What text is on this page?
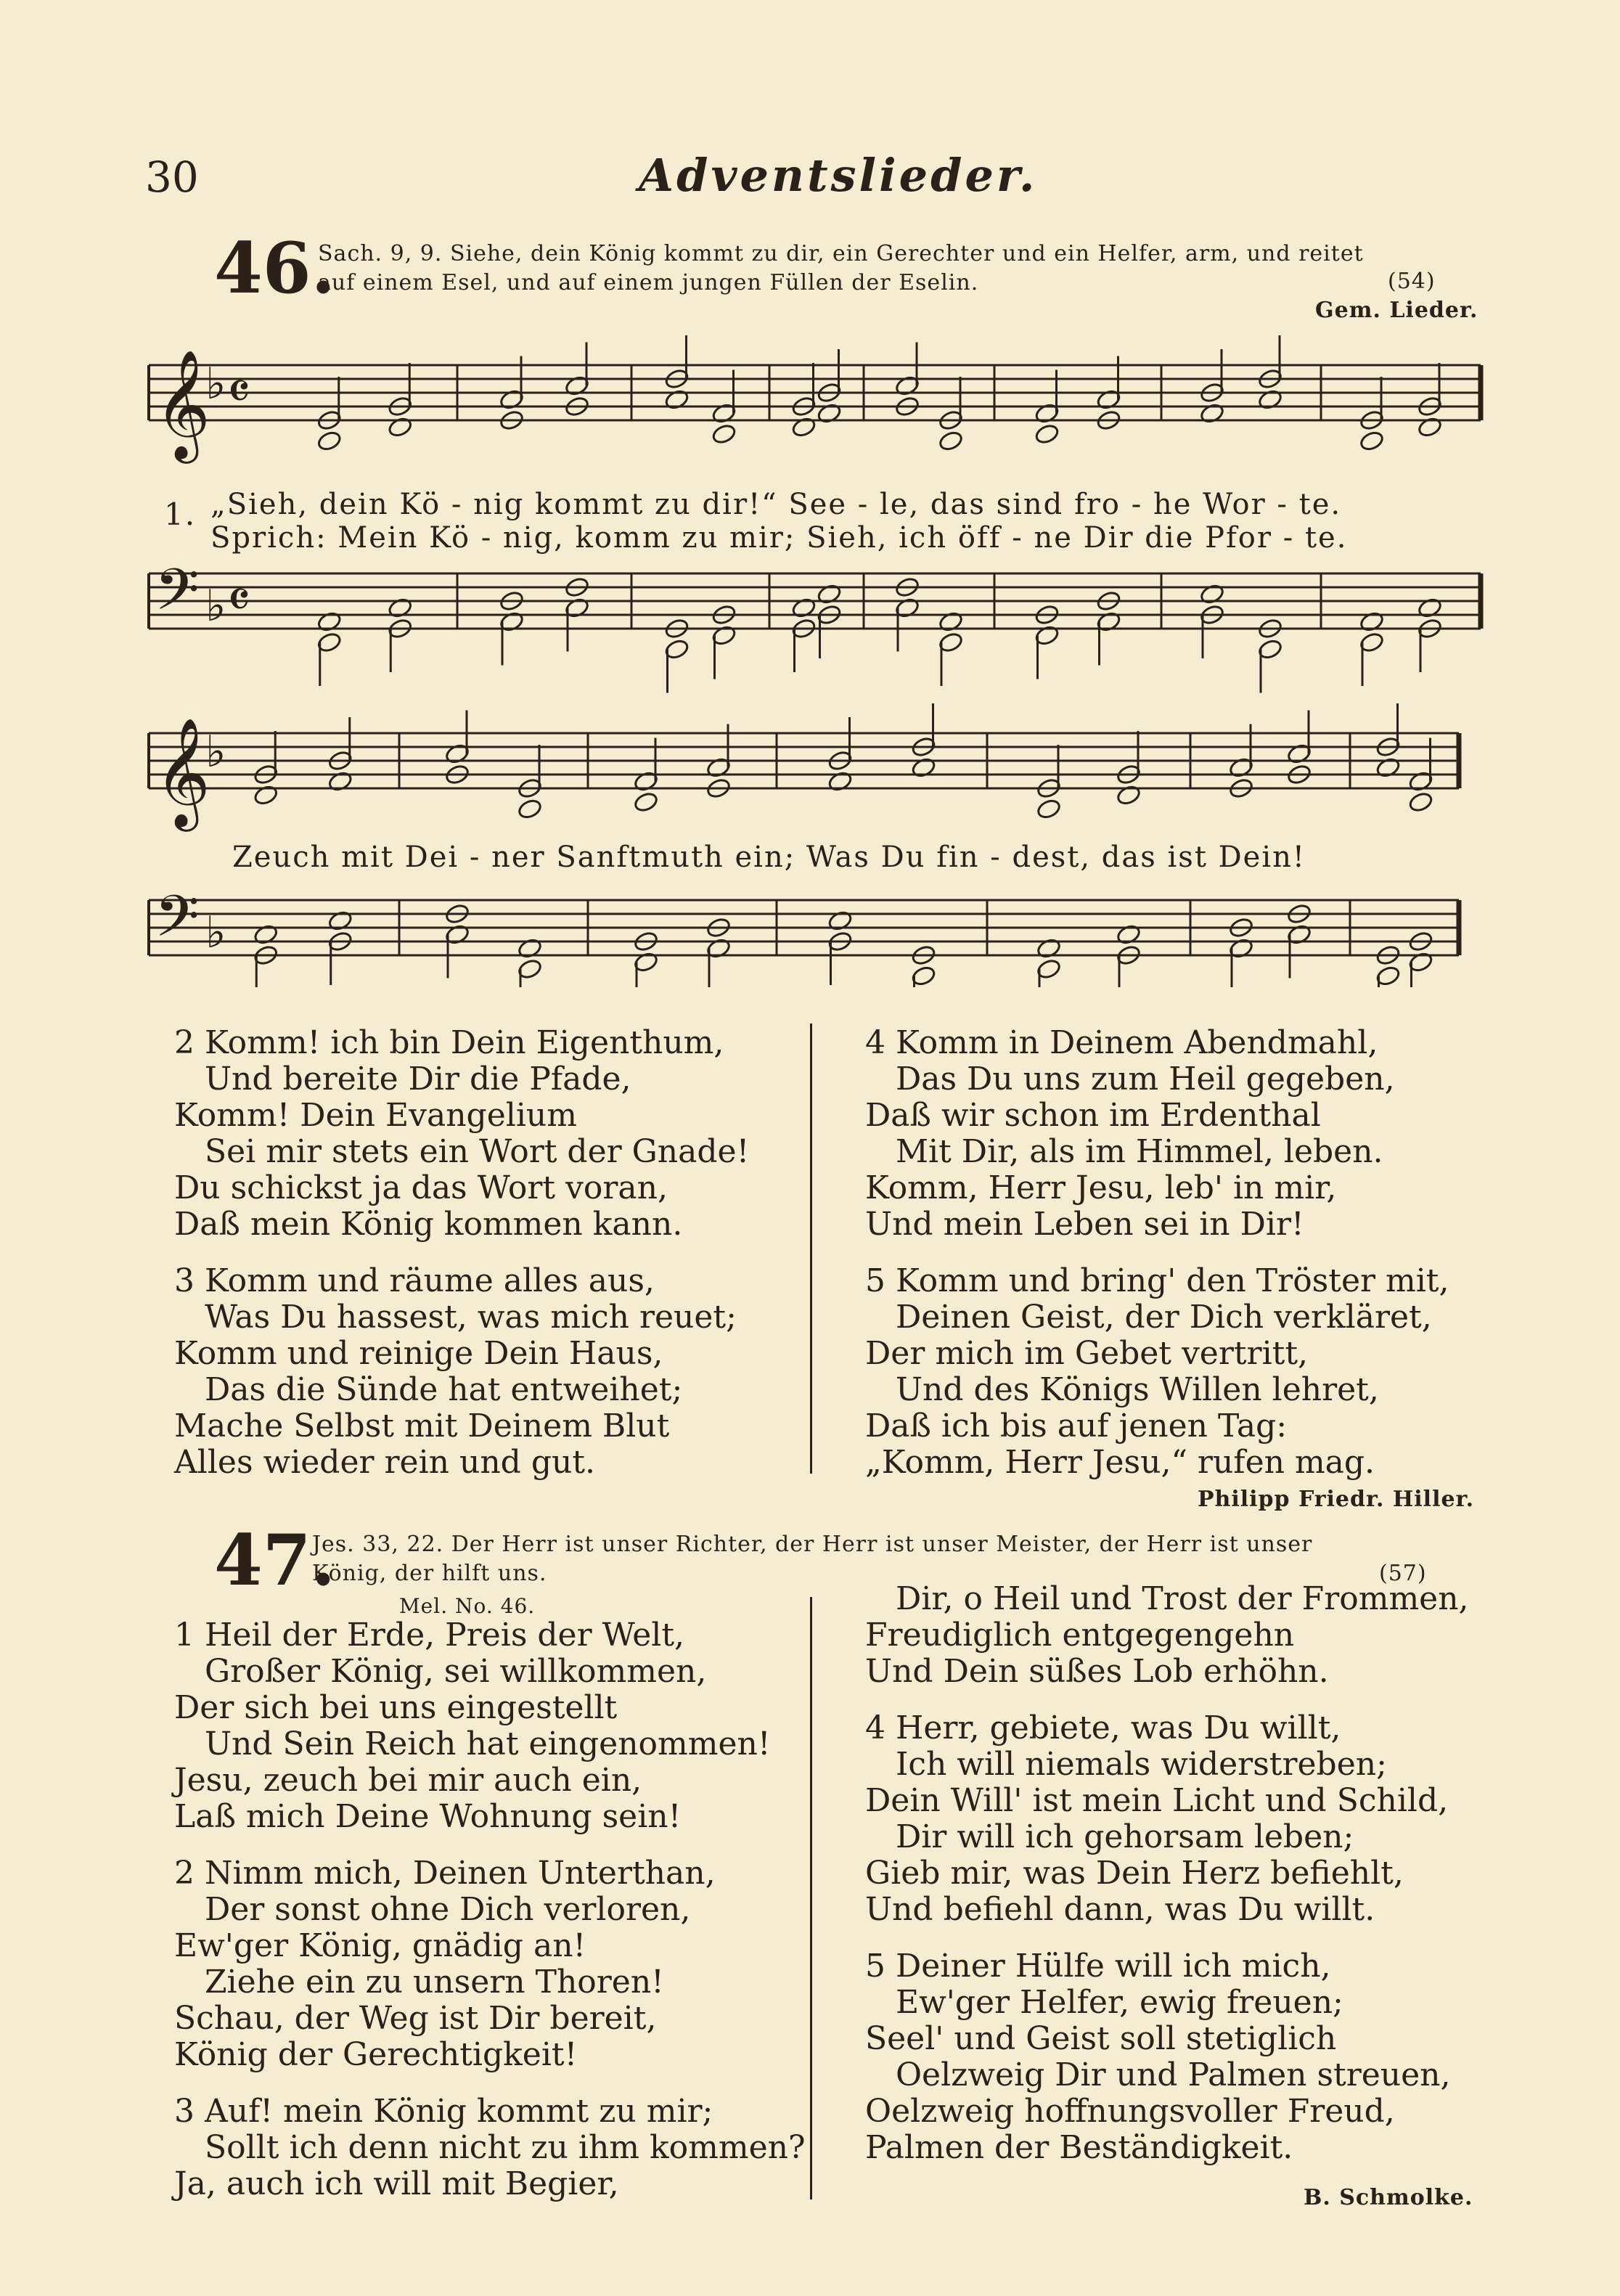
30	Adventslieder.
46.
Sach. 9, 9. Siehe, dein König kommt zu dir, ein Gerechter und ein Helfer, arm, und reitet
auf einem Esel, und auf einem jungen Füllen der Eselin.	(54)
Gem. Lieder.
𝄞
♭ 𝄴
𝄢 ♭ 𝄴
𝄞
♭
𝄢 ♭
1. „Sieh, dein Kö - nig kommt zu dir!“ See - le, das sind fro - he Wor - te.
Sprich: Mein Kö - nig, komm zu mir; Sieh, ich öff - ne Dir die Pfor - te.
Zeuch mit Dei - ner Sanftmuth ein; Was Du fin - dest, das ist Dein!
2 Komm! ich bin Dein Eigenthum,
Und bereite Dir die Pfade,
Komm! Dein Evangelium
Sei mir stets ein Wort der Gnade!
Du schickst ja das Wort voran,
Daß mein König kommen kann.
3 Komm und räume alles aus,
Was Du hassest, was mich reuet;
Komm und reinige Dein Haus,
Das die Sünde hat entweihet;
Mache Selbst mit Deinem Blut
Alles wieder rein und gut.
4 Komm in Deinem Abendmahl,
Das Du uns zum Heil gegeben,
Daß wir schon im Erdenthal
Mit Dir, als im Himmel, leben.
Komm, Herr Jesu, leb' in mir,
Und mein Leben sei in Dir!
5 Komm und bring' den Tröster mit,
Deinen Geist, der Dich verkläret,
Der mich im Gebet vertritt,
Und des Königs Willen lehret,
Daß ich bis auf jenen Tag:
„Komm, Herr Jesu,“ rufen mag.
Philipp Friedr. Hiller.
47.
Jes. 33, 22. Der Herr ist unser Richter, der Herr ist unser Meister, der Herr ist unser
König, der hilft uns.	(57)
Mel. No. 46.
1 Heil der Erde, Preis der Welt,
Großer König, sei willkommen,
Der sich bei uns eingestellt
Und Sein Reich hat eingenommen!
Jesu, zeuch bei mir auch ein,
Laß mich Deine Wohnung sein!
2 Nimm mich, Deinen Unterthan,
Der sonst ohne Dich verloren,
Ew'ger König, gnädig an!
Ziehe ein zu unsern Thoren!
Schau, der Weg ist Dir bereit,
König der Gerechtigkeit!
3 Auf! mein König kommt zu mir;
Sollt ich denn nicht zu ihm kommen?
Ja, auch ich will mit Begier,
Dir, o Heil und Trost der Frommen,
Freudiglich entgegengehn
Und Dein süßes Lob erhöhn.
4 Herr, gebiete, was Du willt,
Ich will niemals widerstreben;
Dein Will' ist mein Licht und Schild,
Dir will ich gehorsam leben;
Gieb mir, was Dein Herz befiehlt,
Und befiehl dann, was Du willt.
5 Deiner Hülfe will ich mich,
Ew'ger Helfer, ewig freuen;
Seel' und Geist soll stetiglich
Oelzweig Dir und Palmen streuen,
Oelzweig hoffnungsvoller Freud,
Palmen der Beständigkeit.
B. Schmolke.
